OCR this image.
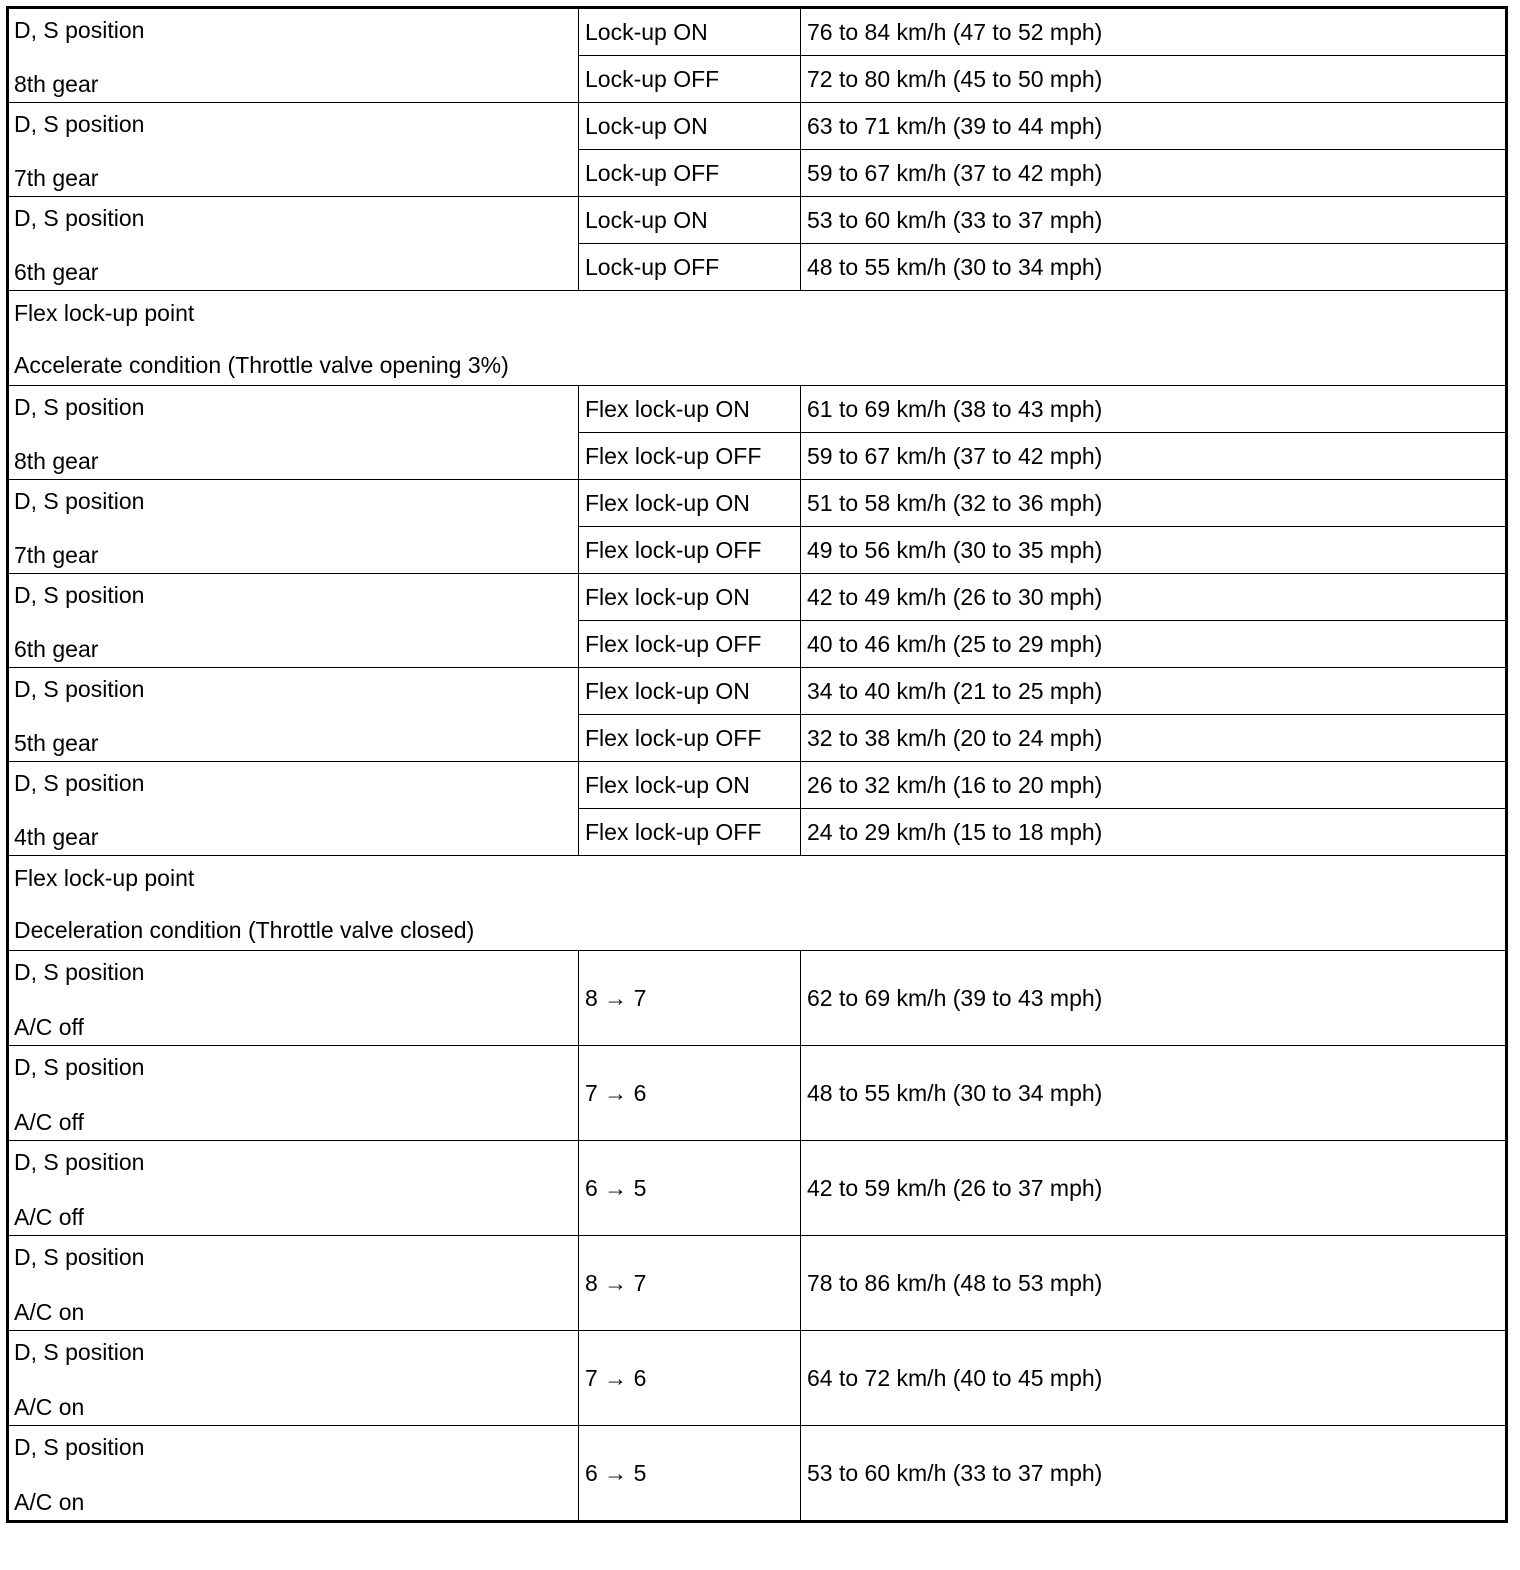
D, S position
8th gear	Lock-up ON	76 to 84 km/h (47 to 52 mph)
	Lock-up OFF	72 to 80 km/h (45 to 50 mph)

D, S position
7th gear	Lock-up ON	63 to 71 km/h (39 to 44 mph)
	Lock-up OFF	59 to 67 km/h (37 to 42 mph)

D, S position
6th gear	Lock-up ON	53 to 60 km/h (33 to 37 mph)
	Lock-up OFF	48 to 55 km/h (30 to 34 mph)

Flex lock-up point
Accelerate condition (Throttle valve opening 3%)		

D, S position
8th gear	Flex lock-up ON	61 to 69 km/h (38 to 43 mph)
	Flex lock-up OFF	59 to 67 km/h (37 to 42 mph)

D, S position
7th gear	Flex lock-up ON	51 to 58 km/h (32 to 36 mph)
	Flex lock-up OFF	49 to 56 km/h (30 to 35 mph)

D, S position
6th gear	Flex lock-up ON	42 to 49 km/h (26 to 30 mph)
	Flex lock-up OFF	40 to 46 km/h (25 to 29 mph)

D, S position
5th gear	Flex lock-up ON	34 to 40 km/h (21 to 25 mph)
	Flex lock-up OFF	32 to 38 km/h (20 to 24 mph)

D, S position
4th gear	Flex lock-up ON	26 to 32 km/h (16 to 20 mph)
	Flex lock-up OFF	24 to 29 km/h (15 to 18 mph)

Flex lock-up point
Deceleration condition (Throttle valve closed)		

D, S position
A/C off	8 → 7	62 to 69 km/h (39 to 43 mph)

D, S position
A/C off	7 → 6	48 to 55 km/h (30 to 34 mph)

D, S position
A/C off	6 → 5	42 to 59 km/h (26 to 37 mph)

D, S position
A/C on	8 → 7	78 to 86 km/h (48 to 53 mph)

D, S position
A/C on	7 → 6	64 to 72 km/h (40 to 45 mph)

D, S position
A/C on	6 → 5	53 to 60 km/h (33 to 37 mph)
